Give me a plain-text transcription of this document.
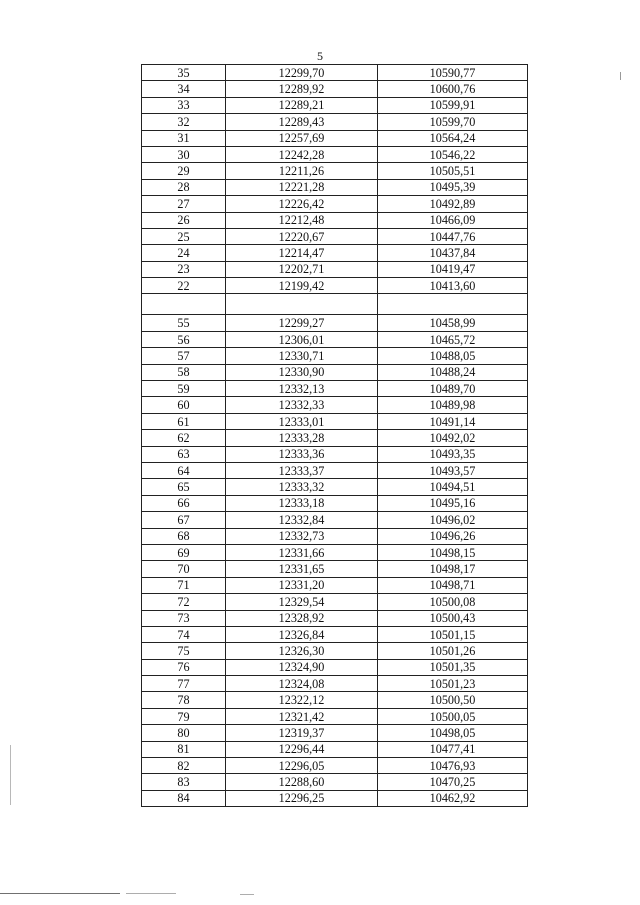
5
35	12299,70	10590,77
34	12289,92	10600,76
33	12289,21	10599,91
32	12289,43	10599,70
31	12257,69	10564,24
30	12242,28	10546,22
29	12211,26	10505,51
28	12221,28	10495,39
27	12226,42	10492,89
26	12212,48	10466,09
25	12220,67	10447,76
24	12214,47	10437,84
23	12202,71	10419,47
22	12199,42	10413,60

55	12299,27	10458,99
56	12306,01	10465,72
57	12330,71	10488,05
58	12330,90	10488,24
59	12332,13	10489,70
60	12332,33	10489,98
61	12333,01	10491,14
62	12333,28	10492,02
63	12333,36	10493,35
64	12333,37	10493,57
65	12333,32	10494,51
66	12333,18	10495,16
67	12332,84	10496,02
68	12332,73	10496,26
69	12331,66	10498,15
70	12331,65	10498,17
71	12331,20	10498,71
72	12329,54	10500,08
73	12328,92	10500,43
74	12326,84	10501,15
75	12326,30	10501,26
76	12324,90	10501,35
77	12324,08	10501,23
78	12322,12	10500,50
79	12321,42	10500,05
80	12319,37	10498,05
81	12296,44	10477,41
82	12296,05	10476,93
83	12288,60	10470,25
84	12296,25	10462,92
